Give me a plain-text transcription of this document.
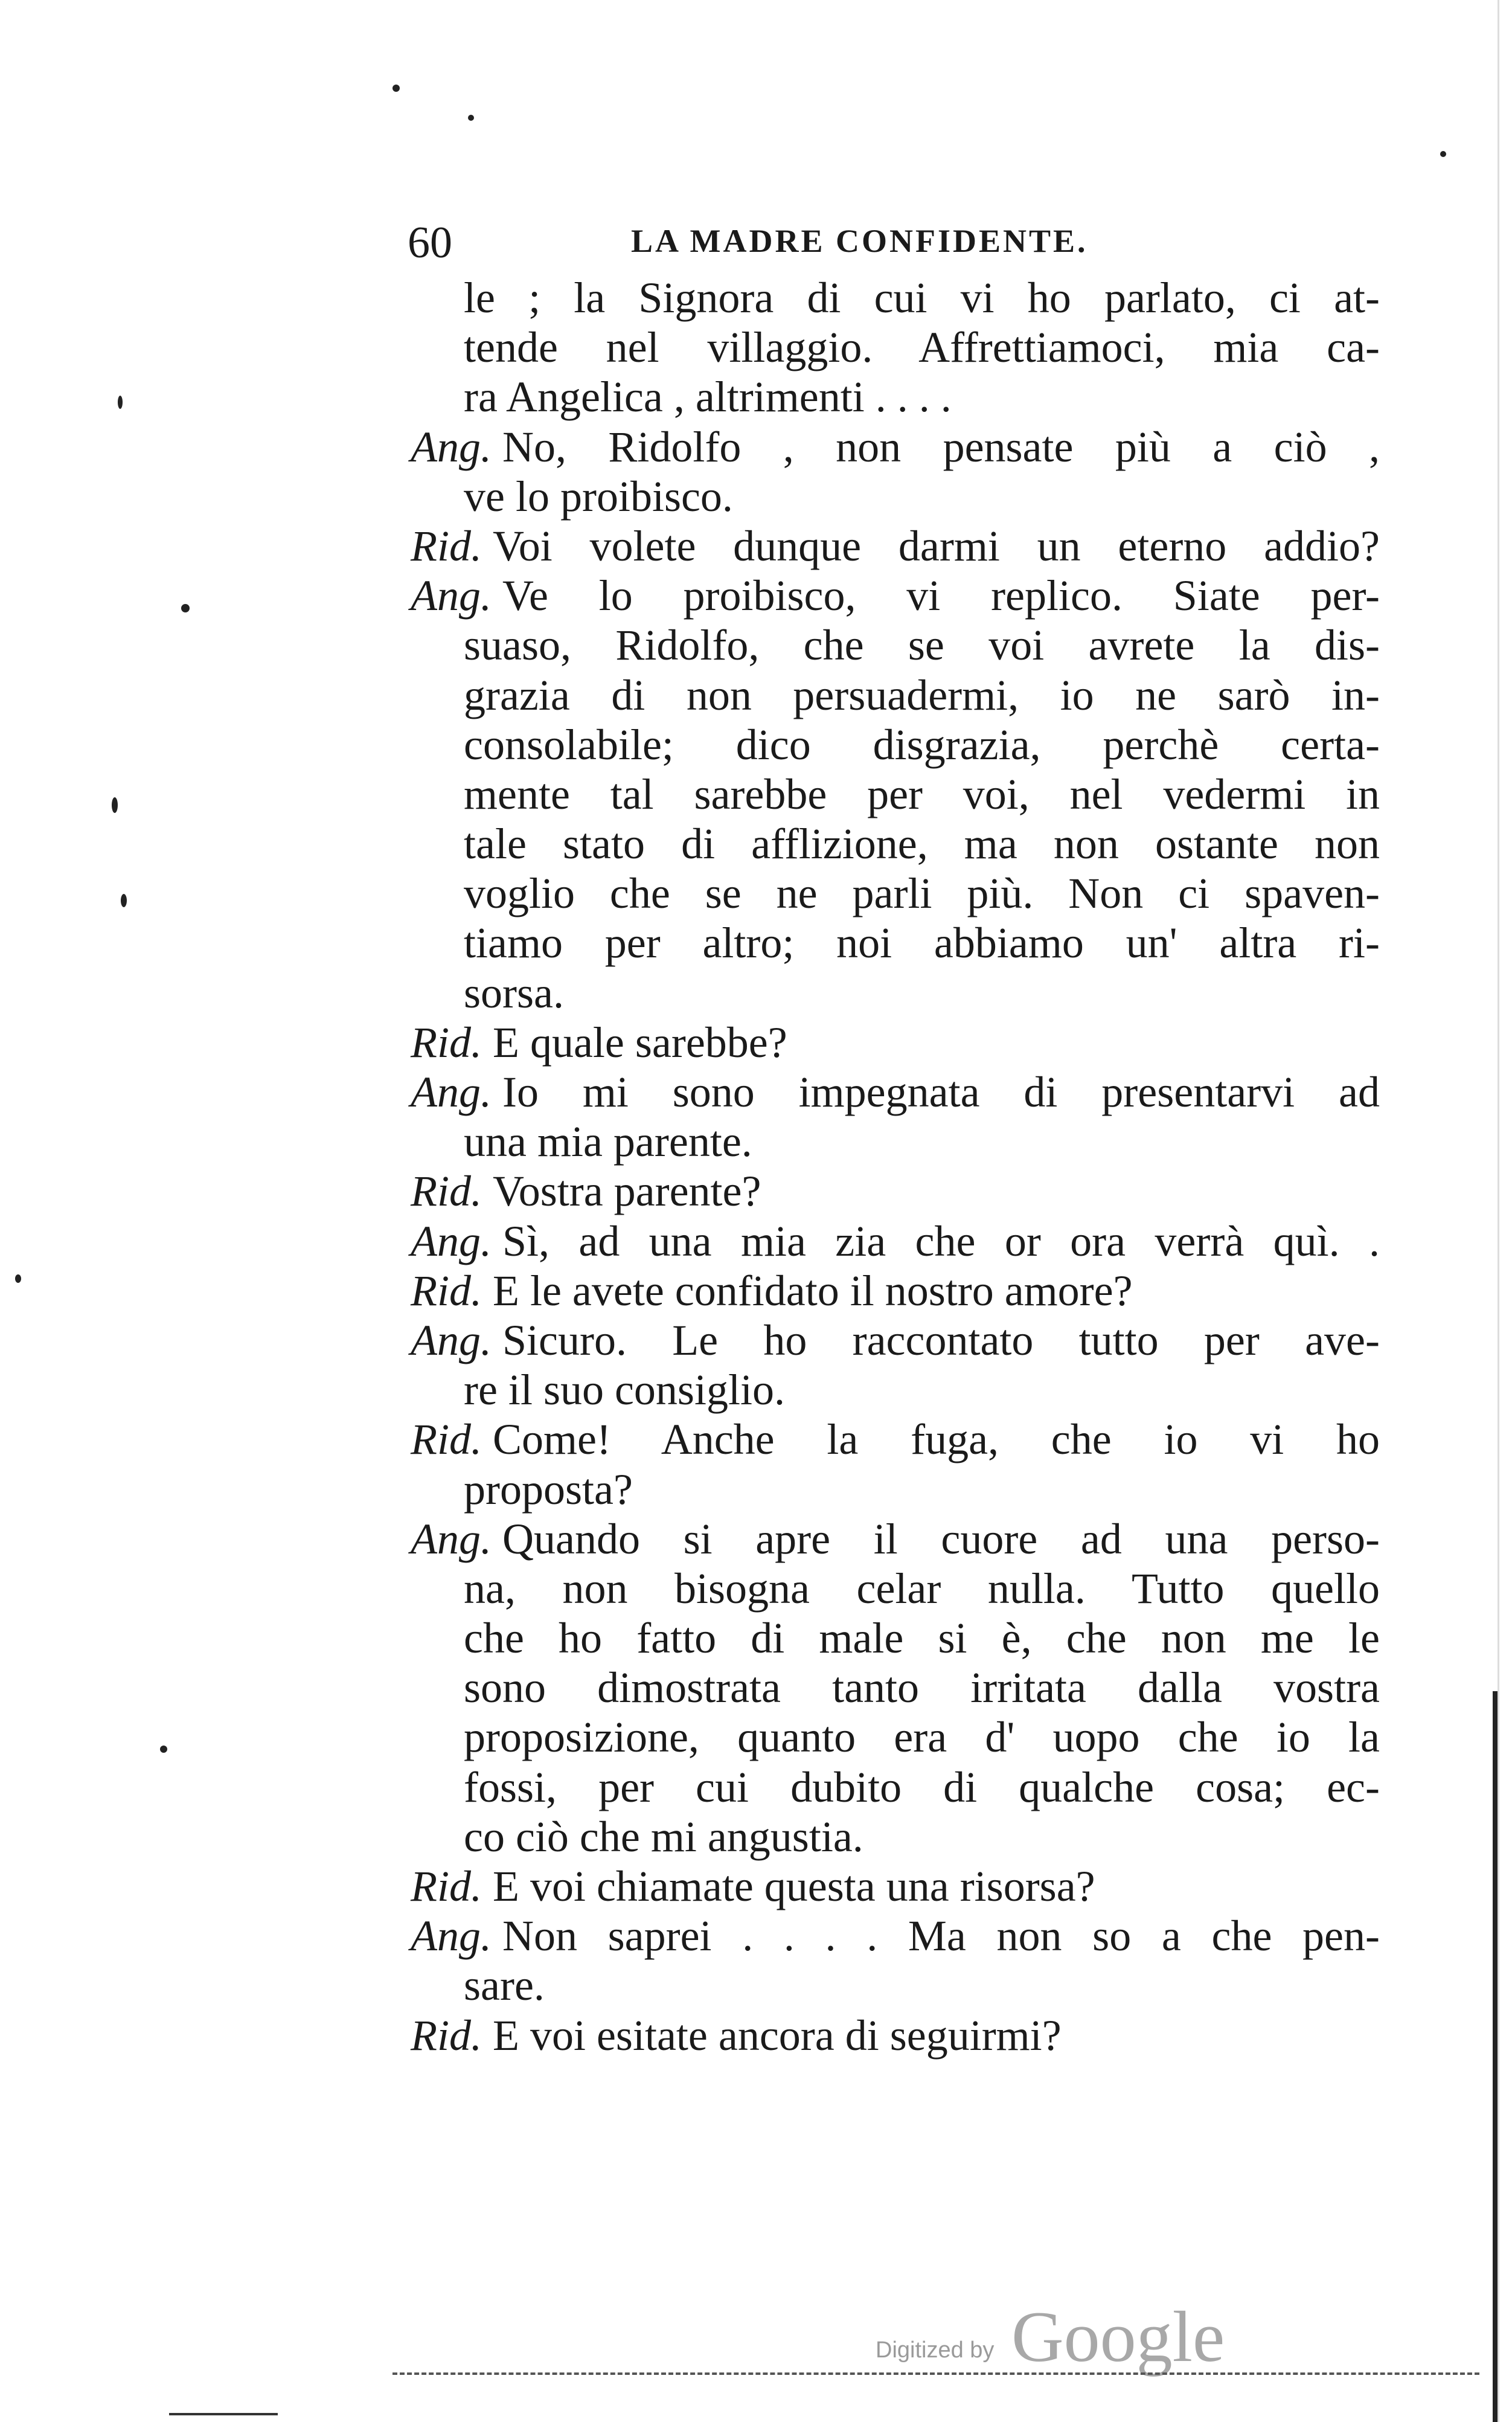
60	LA MADRE CONFIDENTE.
le ; la Signora di cui vi ho parlato, ci at-
tende nel villaggio. Affrettiamoci, mia ca-
ra Angelica , altrimenti . . . .
Ang. No, Ridolfo , non pensate più a ciò ,
ve lo proibisco.
Rid. Voi volete dunque darmi un eterno addio?
Ang. Ve lo proibisco, vi replico. Siate per-
suaso, Ridolfo, che se voi avrete la dis-
grazia di non persuadermi, io ne sarò in-
consolabile; dico disgrazia, perchè certa-
mente tal sarebbe per voi, nel vedermi in
tale stato di afflizione, ma non ostante non
voglio che se ne parli più. Non ci spaven-
tiamo per altro; noi abbiamo un' altra ri-
sorsa.
Rid. E quale sarebbe?
Ang. Io mi sono impegnata di presentarvi ad
una mia parente.
Rid. Vostra parente?
Ang. Sì, ad una mia zia che or ora verrà quì. .
Rid. E le avete confidato il nostro amore?
Ang. Sicuro. Le ho raccontato tutto per ave-
re il suo consiglio.
Rid. Come! Anche la fuga, che io vi ho
proposta?
Ang. Quando si apre il cuore ad una perso-
na, non bisogna celar nulla. Tutto quello
che ho fatto di male si è, che non me le
sono dimostrata tanto irritata dalla vostra
proposizione, quanto era d' uopo che io la
fossi, per cui dubito di qualche cosa; ec-
co ciò che mi angustia.
Rid. E voi chiamate questa una risorsa?
Ang. Non saprei . . . . Ma non so a che pen-
sare.
Rid. E voi esitate ancora di seguirmi?
Digitized by Google
